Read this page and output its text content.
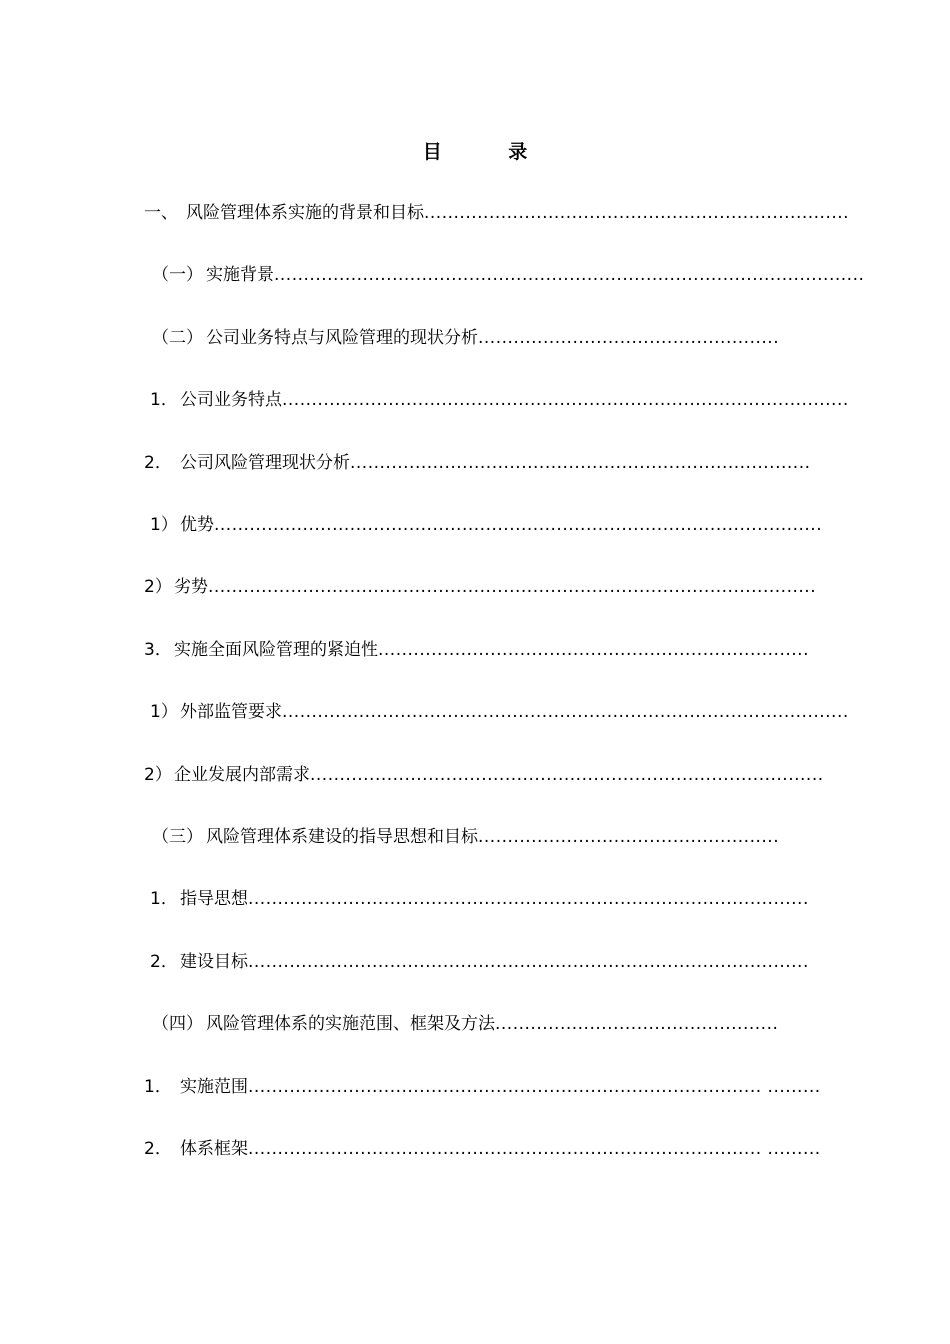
目 录
一、 风险管理体系实施的背景和目标........................................................................
（一） 实施背景....................................................................................................
（二） 公司业务特点与风险管理的现状分析...................................................
1． 公司业务特点................................................................................................
2． 公司风险管理现状分析..............................................................................
1） 优势.......................................................................................................
2） 劣势.......................................................................................................
3． 实施全面风险管理的紧迫性.........................................................................
1） 外部监管要求................................................................................................
2） 企业发展内部需求.......................................................................................
（三） 风险管理体系建设的指导思想和目标...................................................
1． 指导思想...............................................................................................
2． 建设目标...............................................................................................
（四） 风险管理体系的实施范围、框架及方法................................................
1． 实施范围....................................................................................... .........
2． 体系框架....................................................................................... .........
